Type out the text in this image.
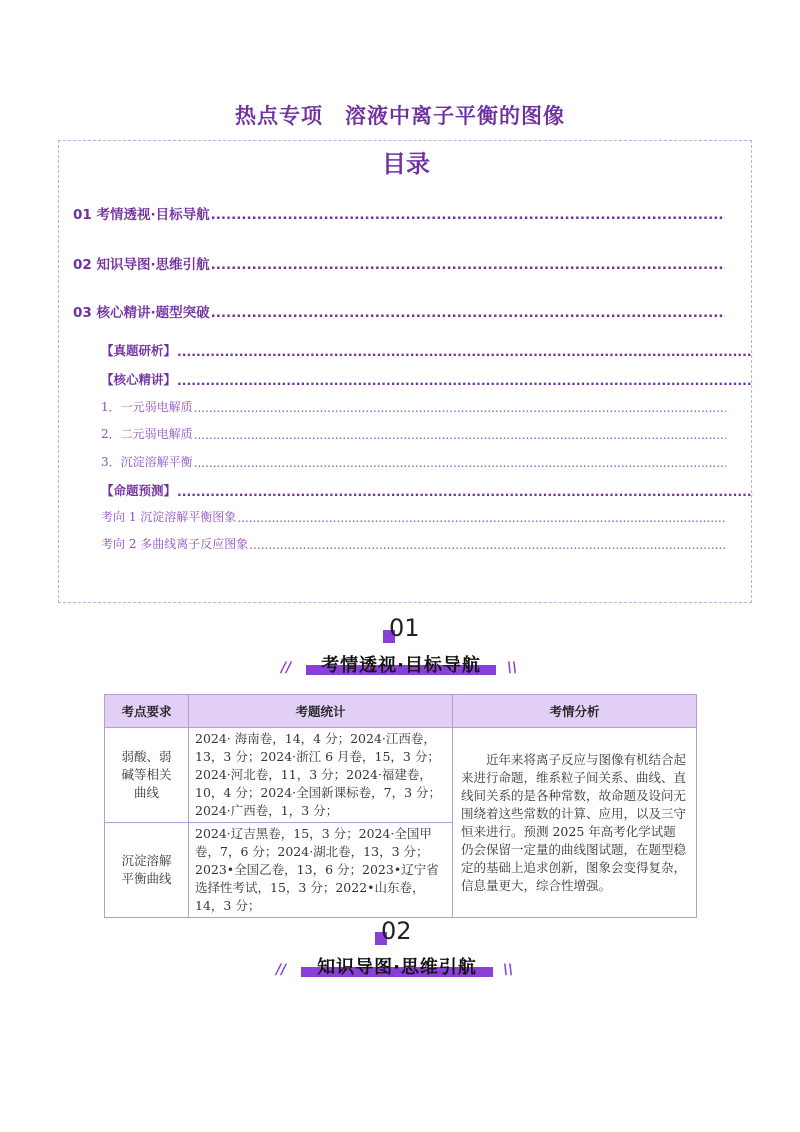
热点专项　溶液中离子平衡的图像
目录
01 考情透视·目标导航
.....
02 知识导图·思维引航
.....
03 核心精讲·题型突破
.....
【真题研析】
.....
【核心精讲】
.....
1．一元弱电解质
.....
2．二元弱电解质
.....
3．沉淀溶解平衡
.....
【命题预测】
.....
考向 1 沉淀溶解平衡图象
.....
考向 2 多曲线离子反应图象
.....
01
//	考情透视·目标导航	\\
考点要求	考题统计	考情分析
弱酸、弱碱等相关曲线	2024· 海南卷，14，4 分；2024·江西卷，13，3 分；2024·浙江 6 月卷，15，3 分；2024·河北卷，11，3 分；2024·福建卷，10，4 分；2024·全国新课标卷，7，3 分；2024·广西卷，1，3 分；	近年来将离子反应与图像有机结合起来进行命题，维系粒子间关系、曲线、直线间关系的是各种常数，故命题及设问无围绕着这些常数的计算、应用，以及三守恒来进行。预测 2025 年高考化学试题仍会保留一定量的曲线图试题，在题型稳定的基础上追求创新，图象会变得复杂，信息量更大，综合性增强。
沉淀溶解平衡曲线	2024·辽吉黑卷，15，3 分；2024·全国甲卷，7，6 分；2024·湖北卷，13，3 分；2023•全国乙卷，13，6 分；2023•辽宁省选择性考试，15，3 分；2022•山东卷，14，3 分；	
02
//	知识导图·思维引航	\\
